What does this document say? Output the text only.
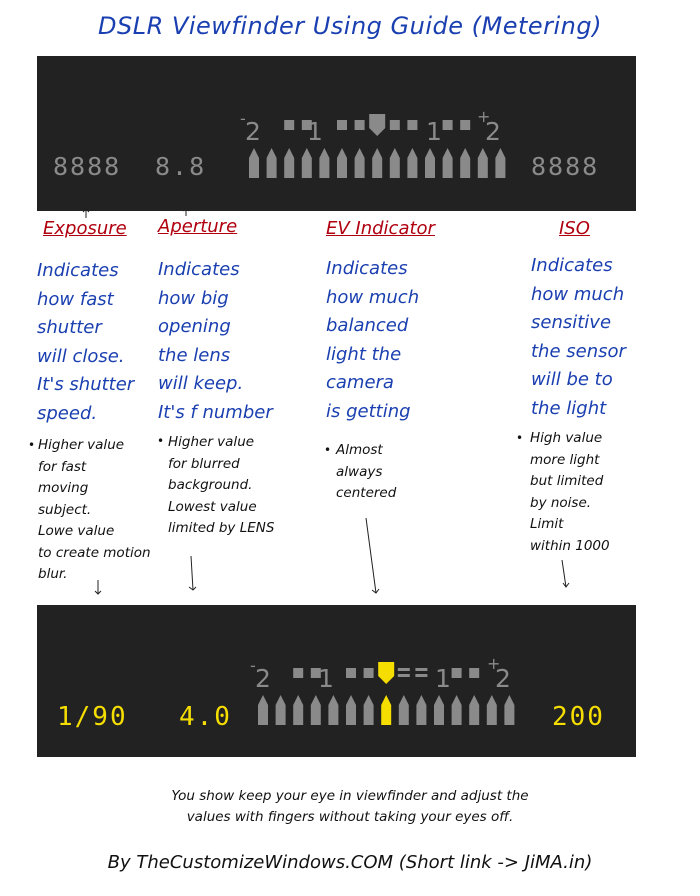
DSLR Viewfinder Using Guide (Metering)
8888 8.8	8888
- 2 1	1
+
2
Exposure Aperture	EV Indicator	ISO
Indicates
how fast
shutter
will close.
It's shutter
speed.
Indicates
how big
opening
the lens
will keep.
It's f number
Indicates
how much
balanced
light the
camera
is getting
Indicates
how much
sensitive
the sensor
will be to
the light
• Higher value
for fast
moving
subject.
Lowe value
to create motion
blur.
• Higher value
for blurred
background.
Lowest value
limited by LENS
• Almost
always
centered
• High value
more light
but limited
by noise.
Limit
within 1000
1/90 4.0	200
- 2 1	1
+
2
You show keep your eye in viewfinder and adjust the
values with fingers without taking your eyes off.
By TheCustomizeWindows.COM (Short link -> JiMA.in)
